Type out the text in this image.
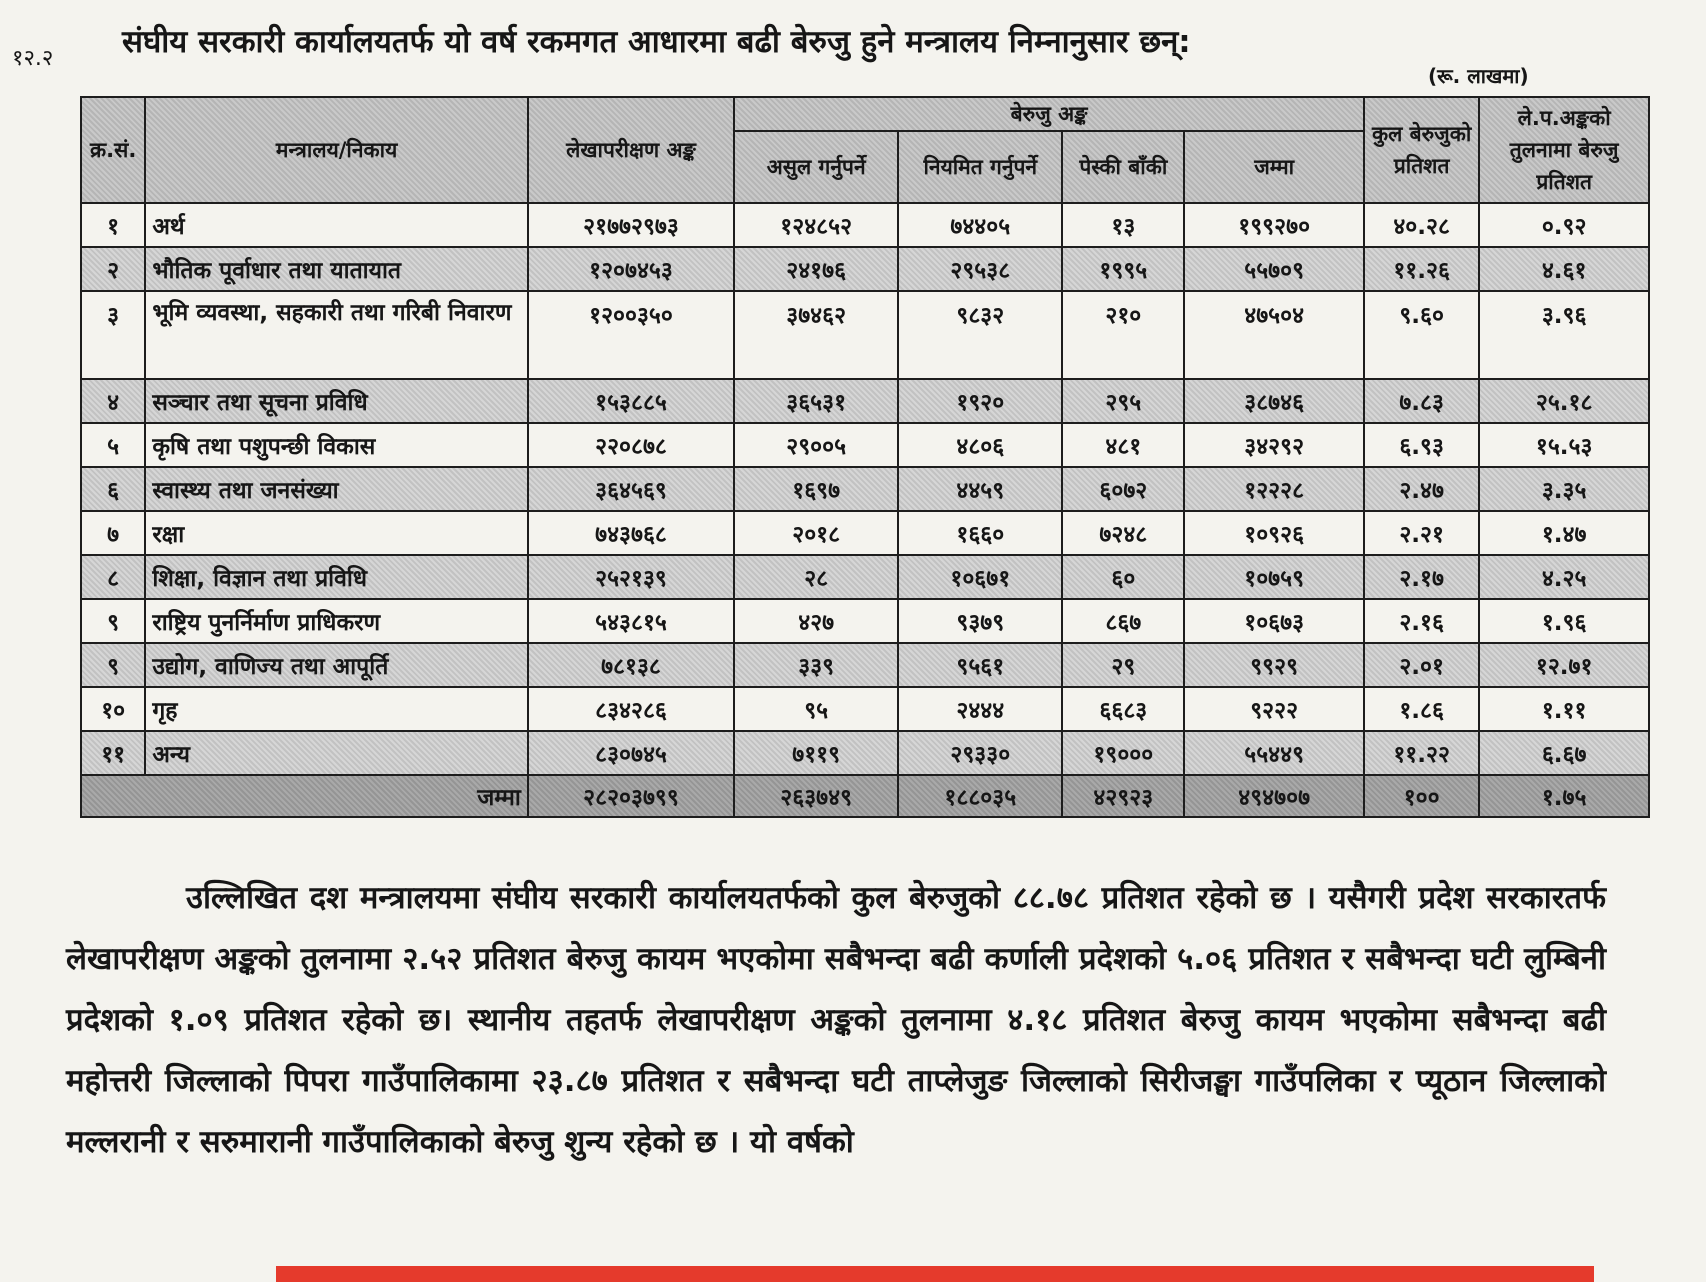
१२.२ संघीय सरकारी कार्यालयतर्फ यो वर्ष रकमगत आधारमा बढी बेरुजु हुने मन्त्रालय निम्नानुसार छन्:
(रू. लाखमा)
क्र.सं.	मन्त्रालय/निकाय	लेखापरीक्षण अङ्क	बेरुजु अङ्क				कुल बेरुजुको प्रतिशत	ले.प.अङ्कको तुलनामा बेरुजु प्रतिशत
			असुल गर्नुपर्ने	नियमित गर्नुपर्ने	पेस्की बाँकी	जम्मा		
१	अर्थ	२१७७२९७३	१२४८५२	७४४०५	१३	१९९२७०	४०.२८	०.९२
२	भौतिक पूर्वाधार तथा यातायात	१२०७४५३	२४१७६	२९५३८	१९९५	५५७०९	११.२६	४.६१
३	भूमि व्यवस्था, सहकारी तथा गरिबी निवारण	१२००३५०	३७४६२	९८३२	२१०	४७५०४	९.६०	३.९६
४	सञ्चार तथा सूचना प्रविधि	१५३८८५	३६५३१	१९२०	२९५	३८७४६	७.८३	२५.१८
५	कृषि तथा पशुपन्छी विकास	२२०८७८	२९००५	४८०६	४८१	३४२९२	६.९३	१५.५३
६	स्वास्थ्य तथा जनसंख्या	३६४५६९	१६९७	४४५९	६०७२	१२२२८	२.४७	३.३५
७	रक्षा	७४३७६८	२०१८	१६६०	७२४८	१०९२६	२.२१	१.४७
८	शिक्षा, विज्ञान तथा प्रविधि	२५२१३९	२८	१०६७१	६०	१०७५९	२.१७	४.२५
९	राष्ट्रिय पुनर्निर्माण प्राधिकरण	५४३८१५	४२७	९३७९	८६७	१०६७३	२.१६	१.९६
९	उद्योग, वाणिज्य तथा आपूर्ति	७८१३८	३३९	९५६१	२९	९९२९	२.०१	१२.७१
१०	गृह	८३४२८६	९५	२४४४	६६८३	९२२२	१.८६	१.११
११	अन्य	८३०७४५	७११९	२९३३०	१९०००	५५४४९	११.२२	६.६७
जम्मा		२८२०३७९९	२६३७४९	१८८०३५	४२९२३	४९४७०७	१००	१.७५

उल्लिखित दश मन्त्रालयमा संघीय सरकारी कार्यालयतर्फको कुल बेरुजुको ८८.७८ प्रतिशत रहेको छ । यसैगरी प्रदेश सरकारतर्फ लेखापरीक्षण अङ्कको तुलनामा २.५२ प्रतिशत बेरुजु कायम भएकोमा सबैभन्दा बढी कर्णाली प्रदेशको ५.०६ प्रतिशत र सबैभन्दा घटी लुम्बिनी प्रदेशको १.०९ प्रतिशत रहेको छ। स्थानीय तहतर्फ लेखापरीक्षण अङ्कको तुलनामा ४.१८ प्रतिशत बेरुजु कायम भएकोमा सबैभन्दा बढी महोत्तरी जिल्लाको पिपरा गाउँपालिकामा २३.८७ प्रतिशत र सबैभन्दा घटी ताप्लेजुङ जिल्लाको सिरीजङ्घा गाउँपलिका र प्यूठान जिल्लाको मल्लरानी र सरुमारानी गाउँपालिकाको बेरुजु शुन्य रहेको छ । यो वर्षको
